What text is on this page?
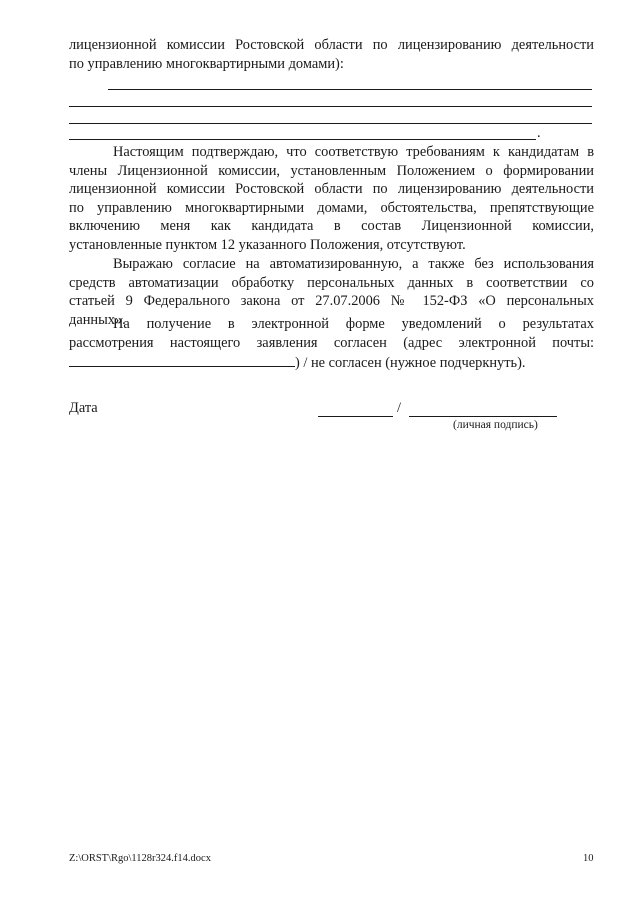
лицензионной комиссии Ростовской области по лицензированию деятельности
по управлению многоквартирными домами):
.
Настоящим подтверждаю, что соответствую требованиям к кандидатам в
члены Лицензионной комиссии, установленным Положением о формировании
лицензионной комиссии Ростовской области по лицензированию деятельности
по управлению многоквартирными домами, обстоятельства, препятствующие
включению меня как кандидата в состав Лицензионной комиссии,
установленные пунктом 12 указанного Положения, отсутствуют.
Выражаю согласие на автоматизированную, а также без использования
средств автоматизации обработку персональных данных в соответствии со
статьей 9 Федерального закона от 27.07.2006 № 152-ФЗ «О персональных
данных».
На получение в электронной форме уведомлений о результатах
рассмотрения настоящего заявления согласен (адрес электронной почты:
) / не согласен (нужное подчеркнуть).
Дата	/
(личная подпись)
Z:\ORST\Rgo\1128r324.f14.docx	10
